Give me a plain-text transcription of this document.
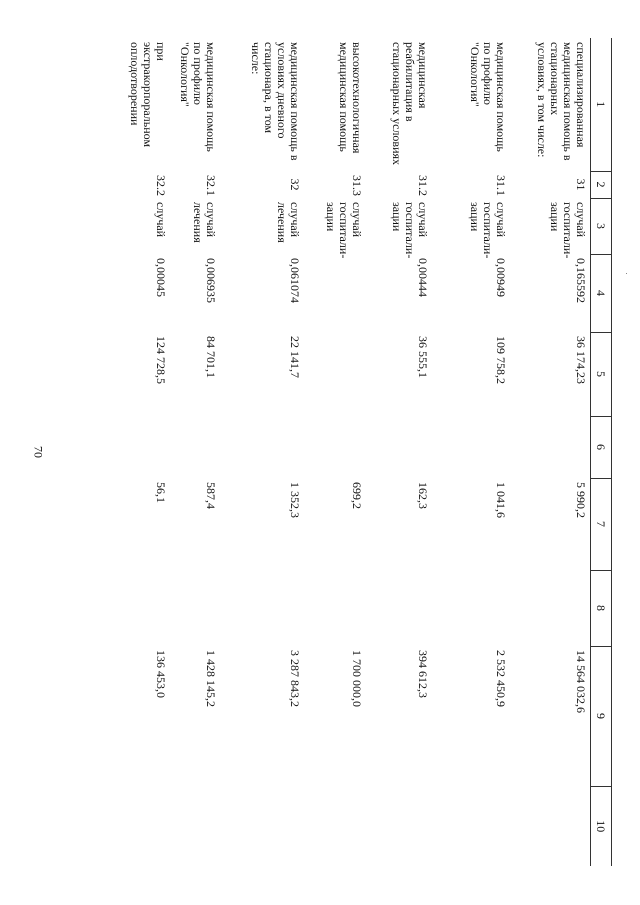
70
1	2	3	4	5	6	7	8	9	10
специализированная медицинская помощь в стационарных условиях, в том числе:	31	случай госпитали-зации	0,165592	36 174,23		5 990,2		14 564 032,6	
медицинская помощь по профилю "Онкология"	31.1	случай госпитали-зации	0,00949	109 758,2		1 041,6		2 532 450,9	
медицинская реабилитация в стационарных условиях	31.2	случай госпитали-зации	0,00444	36 555,1		162,3		394 612,3	
высокотехнологичная медицинская помощь	31.3	случай госпитали-зации				699,2		1 700 000,0	
медицинская помощь в условиях дневного стационара, в том числе:	32	случай лечения	0,061074	22 141,7		1 352,3		3 287 843,2	
медицинская помощь по профилю "Онкология"	32.1	случай лечения	0,006935	84 701,1		587,4		1 428 145,2	
при экстракорпоральном оплодотворении	32.2	случай	0,00045	124 728,5		56,1		136 453,0	
